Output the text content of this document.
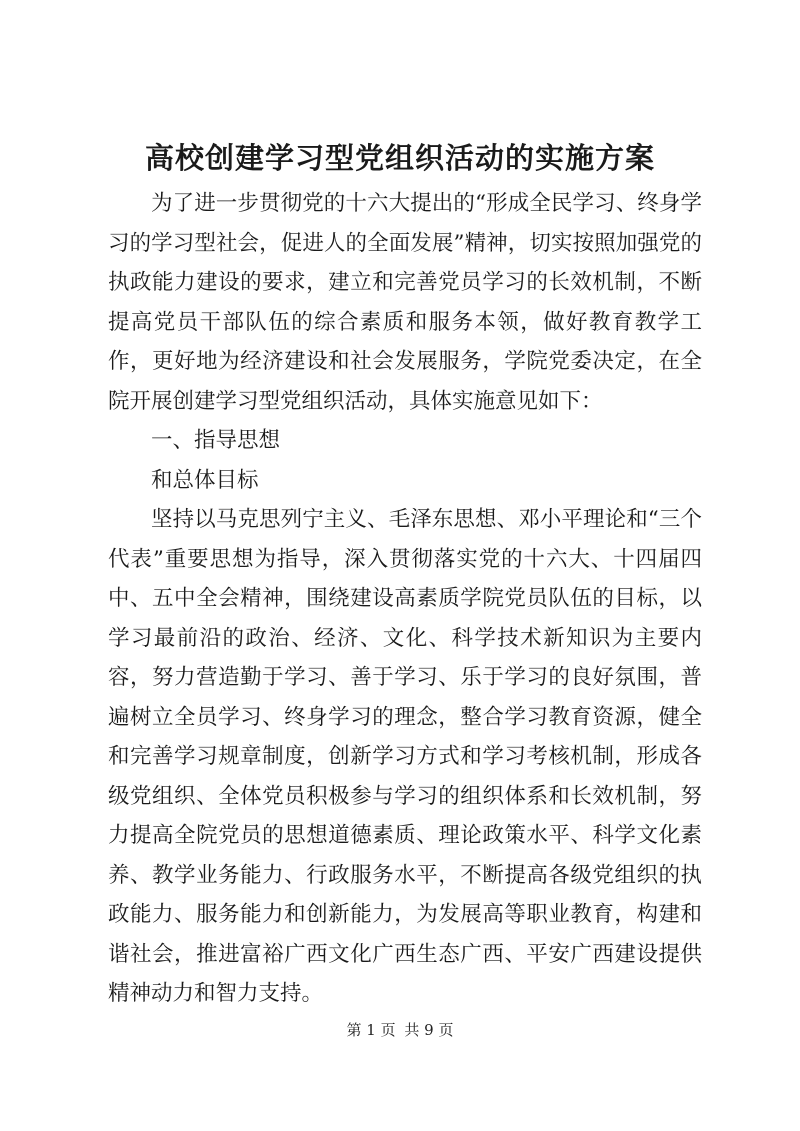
高校创建学习型党组织活动的实施方案

为了进一步贯彻党的十六大提出的“形成全民学习、终身学习的学习型社会，促进人的全面发展”精神，切实按照加强党的执政能力建设的要求，建立和完善党员学习的长效机制，不断提高党员干部队伍的综合素质和服务本领，做好教育教学工作，更好地为经济建设和社会发展服务，学院党委决定，在全院开展创建学习型党组织活动，具体实施意见如下：

一、指导思想

和总体目标

坚持以马克思列宁主义、毛泽东思想、邓小平理论和“三个代表”重要思想为指导，深入贯彻落实党的十六大、十四届四中、五中全会精神，围绕建设高素质学院党员队伍的目标，以学习最前沿的政治、经济、文化、科学技术新知识为主要内容，努力营造勤于学习、善于学习、乐于学习的良好氛围，普遍树立全员学习、终身学习的理念，整合学习教育资源，健全和完善学习规章制度，创新学习方式和学习考核机制，形成各级党组织、全体党员积极参与学习的组织体系和长效机制，努力提高全院党员的思想道德素质、理论政策水平、科学文化素养、教学业务能力、行政服务水平，不断提高各级党组织的执政能力、服务能力和创新能力，为发展高等职业教育，构建和谐社会，推进富裕广西文化广西生态广西、平安广西建设提供精神动力和智力支持。

第 1 页 共 9 页
